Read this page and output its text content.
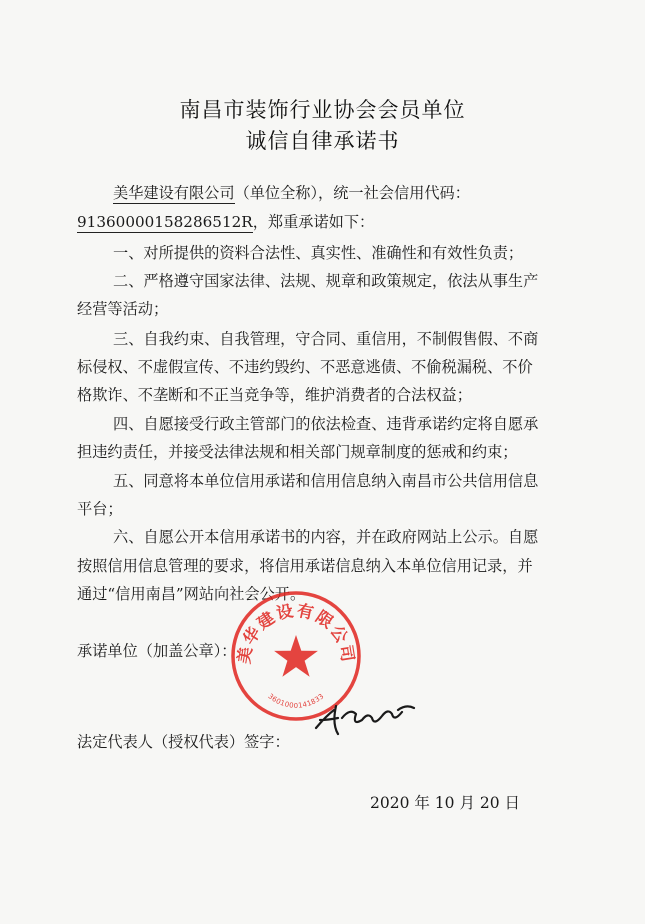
南昌市装饰行业协会会员单位
诚信自律承诺书
美华建设有限公司（单位全称），统一社会信用代码：
91360000158286512R，郑重承诺如下：
一、对所提供的资料合法性、真实性、准确性和有效性负责；
二、严格遵守国家法律、法规、规章和政策规定，依法从事生产
经营等活动；
三、自我约束、自我管理，守合同、重信用，不制假售假、不商
标侵权、不虚假宣传、不违约毁约、不恶意逃债、不偷税漏税、不价
格欺诈、不垄断和不正当竞争等，维护消费者的合法权益；
四、自愿接受行政主管部门的依法检查、违背承诺约定将自愿承
担违约责任，并接受法律法规和相关部门规章制度的惩戒和约束；
五、同意将本单位信用承诺和信用信息纳入南昌市公共信用信息
平台；
六、自愿公开本信用承诺书的内容，并在政府网站上公示。自愿
按照信用信息管理的要求，将信用承诺信息纳入本单位信用记录，并
通过“信用南昌”网站向社会公开。
承诺单位（加盖公章）：
美华建设有限公司
3601000141833
法定代表人（授权代表）签字：
2020 年 10 月 20 日
